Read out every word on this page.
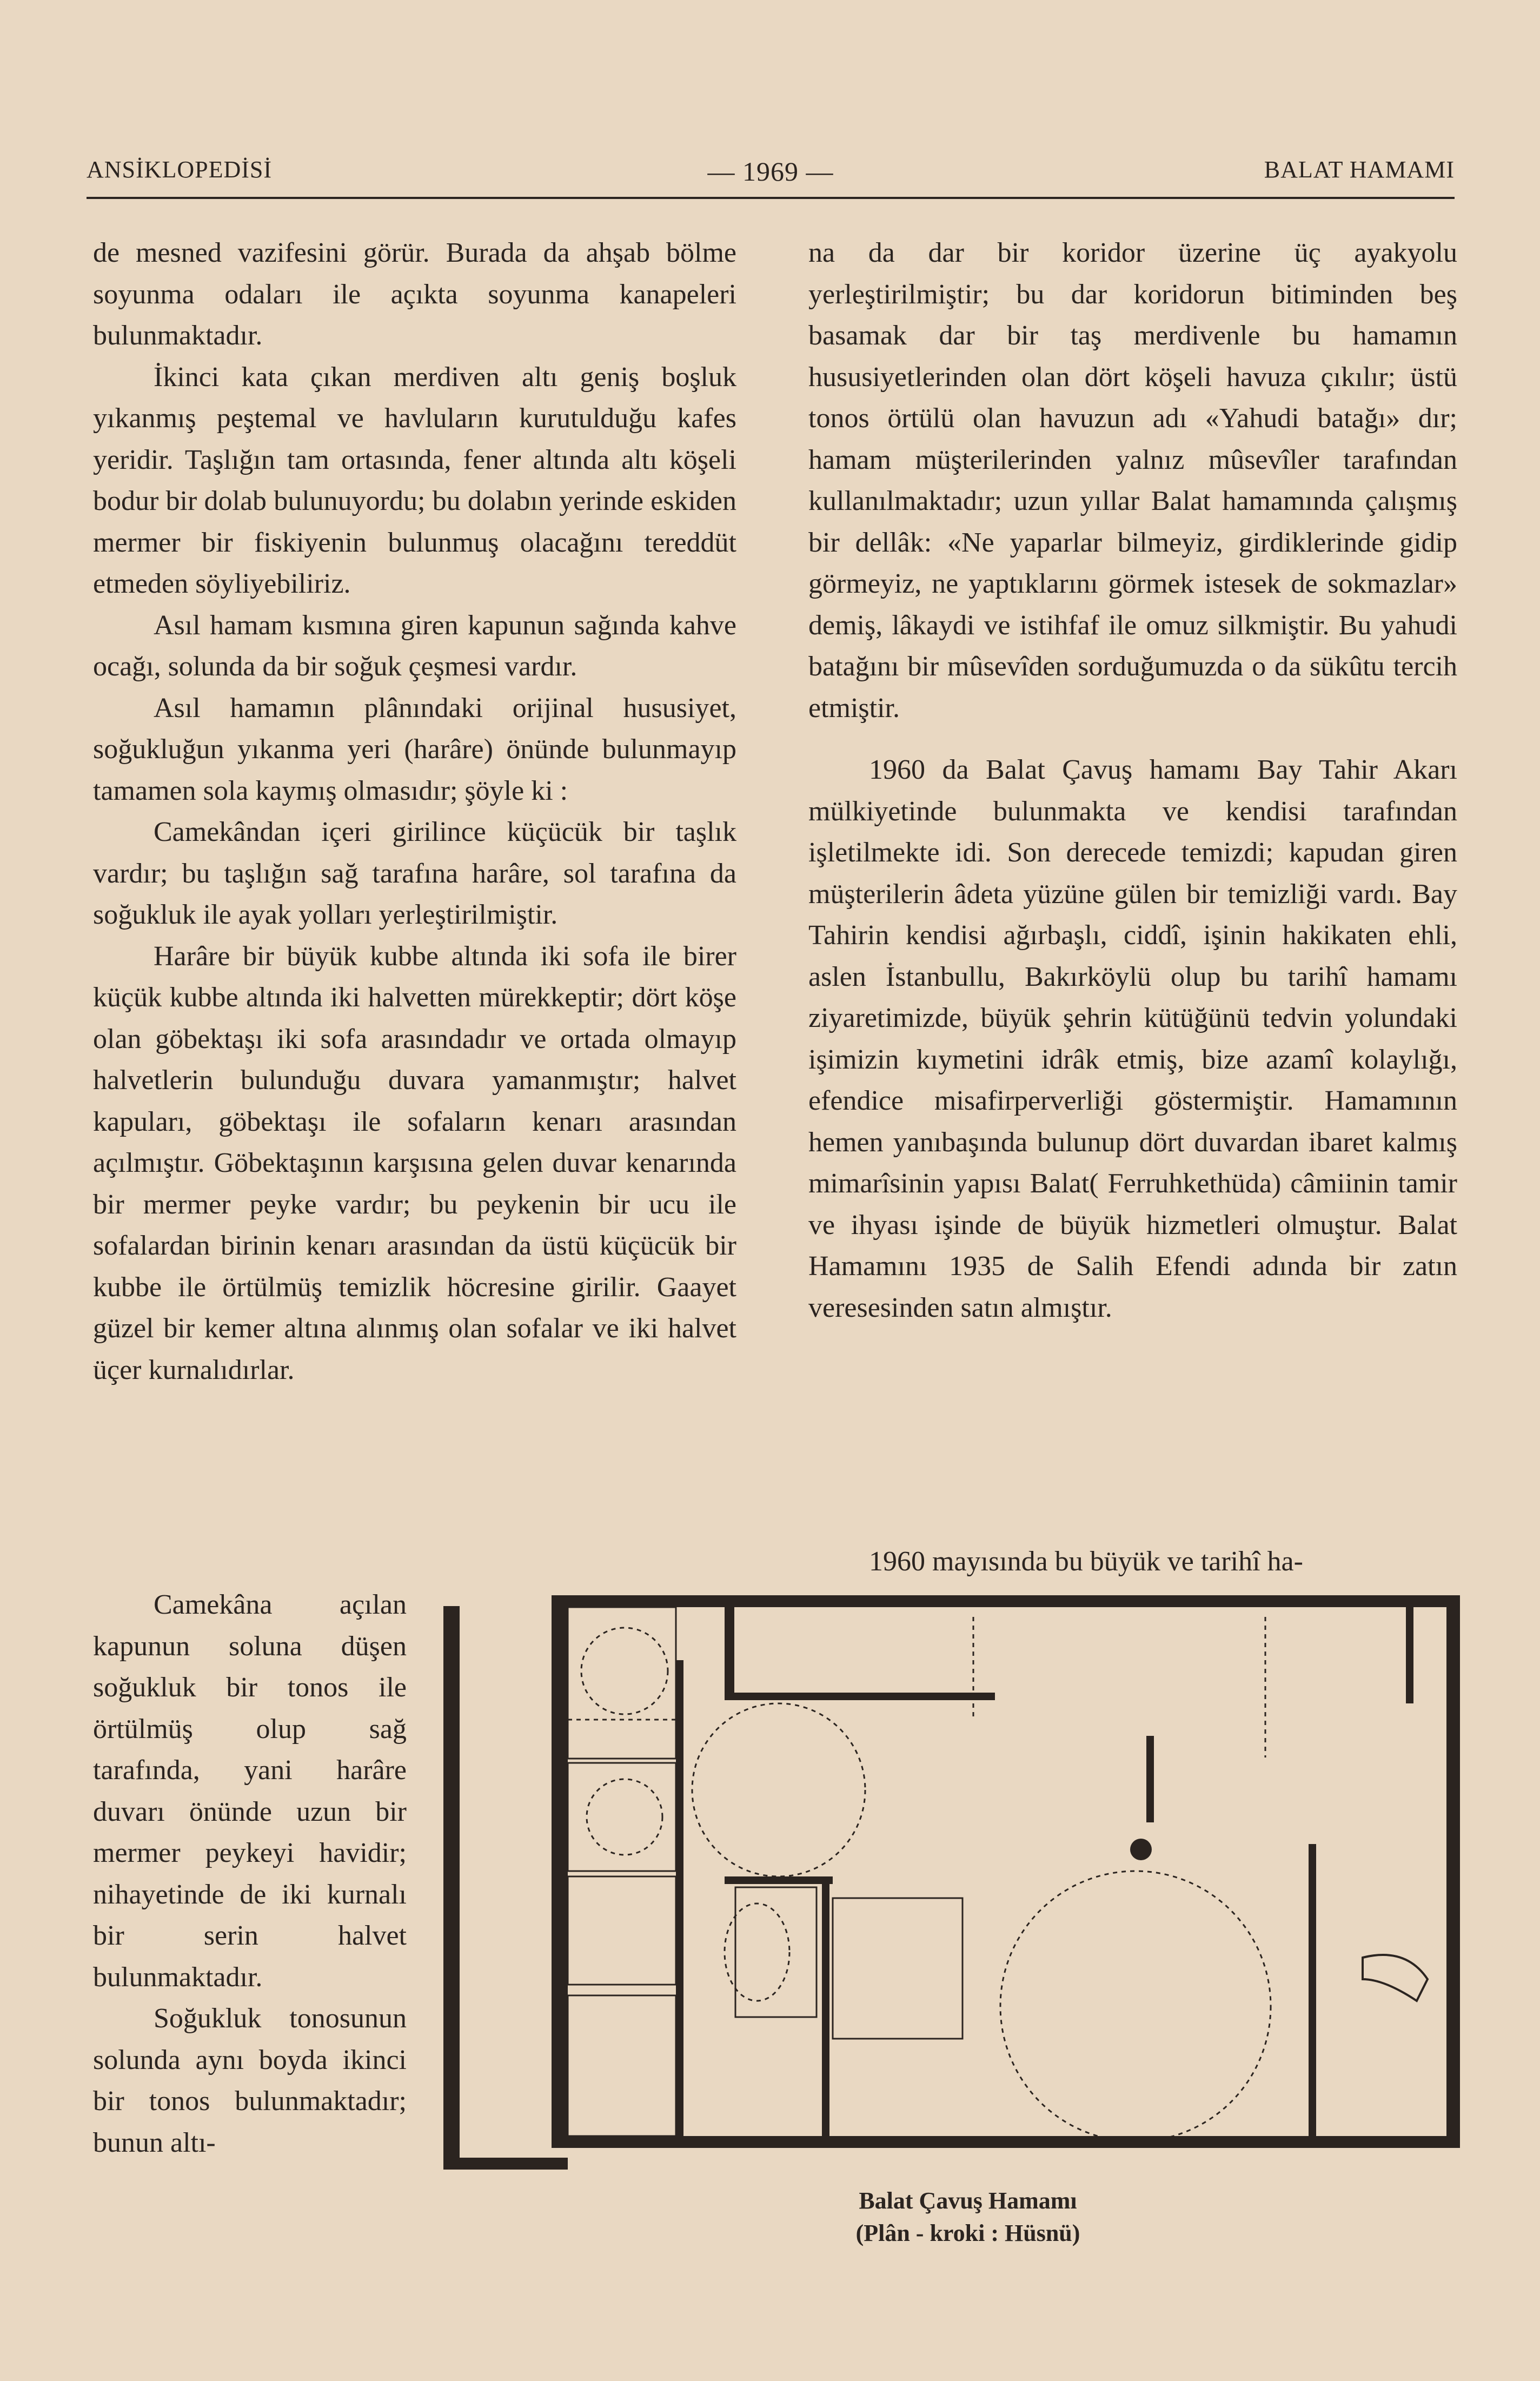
ANSİKLOPEDİSİ	— 1969 —	BALAT HAMAMI

de mesned vazifesini görür. Burada da ahşab bölme soyunma odaları ile açıkta soyunma kanapeleri bulunmaktadır.

İkinci kata çıkan merdiven altı geniş boşluk yıkanmış peştemal ve havluların kurutulduğu kafes yeridir. Taşlığın tam ortasında, fener altında altı köşeli bodur bir dolab bulunuyordu; bu dolabın yerinde eskiden mermer bir fiskiyenin bulunmuş olacağını tereddüt etmeden söyliyebiliriz.

Asıl hamam kısmına giren kapunun sağında kahve ocağı, solunda da bir soğuk çeşmesi vardır.

Asıl hamamın plânındaki orijinal hususiyet, soğukluğun yıkanma yeri (harâre) önünde bulunmayıp tamamen sola kaymış olmasıdır; şöyle ki :

Camekândan içeri girilince küçücük bir taşlık vardır; bu taşlığın sağ tarafına harâre, sol tarafına da soğukluk ile ayak yolları yerleştirilmiştir.

Harâre bir büyük kubbe altında iki sofa ile birer küçük kubbe altında iki halvetten mürekkeptir; dört köşe olan göbektaşı iki sofa arasındadır ve ortada olmayıp halvetlerin bulunduğu duvara yamanmıştır; halvet kapuları, göbektaşı ile sofaların kenarı arasından açılmıştır. Göbektaşının karşısına gelen duvar kenarında bir mermer peyke vardır; bu peykenin bir ucu ile sofalardan birinin kenarı arasından da üstü küçücük bir kubbe ile örtülmüş temizlik höcresine girilir. Gaayet güzel bir kemer altına alınmış olan sofalar ve iki halvet üçer kurnalıdırlar.

Camekâna açılan kapunun soluna düşen soğukluk bir tonos ile örtülmüş olup sağ tarafında, yani harâre duvarı önünde uzun bir mermer peykeyi havidir; nihayetinde de iki kurnalı bir serin halvet bulunmaktadır.

Soğukluk tonosunun solunda aynı boyda ikinci bir tonos bulunmaktadır; bunun altı-

na da dar bir koridor üzerine üç ayakyolu yerleştirilmiştir; bu dar koridorun bitiminden beş basamak dar bir taş merdivenle bu hamamın hususiyetlerinden olan dört köşeli havuza çıkılır; üstü tonos örtülü olan havuzun adı «Yahudi batağı» dır; hamam müşterilerinden yalnız mûsevîler tarafından kullanılmaktadır; uzun yıllar Balat hamamında çalışmış bir dellâk: «Ne yaparlar bilmeyiz, girdiklerinde gidip görmeyiz, ne yaptıklarını görmek istesek de sokmazlar» demiş, lâkaydi ve istihfaf ile omuz silkmiştir. Bu yahudi batağını bir mûsevîden sorduğumuzda o da sükûtu tercih etmiştir.

1960 da Balat Çavuş hamamı Bay Tahir Akarı mülkiyetinde bulunmakta ve kendisi tarafından işletilmekte idi. Son derecede temizdi; kapudan giren müşterilerin âdeta yüzüne gülen bir temizliği vardı. Bay Tahirin kendisi ağırbaşlı, ciddî, işinin hakikaten ehli, aslen İstanbullu, Bakırköylü olup bu tarihî hamamı ziyaretimizde, büyük şehrin kütüğünü tedvin yolundaki işimizin kıymetini idrâk etmiş, bize azamî kolaylığı, efendice misafirperverliği göstermiştir. Hamamının hemen yanıbaşında bulunup dört duvardan ibaret kalmış mimarîsinin yapısı Balat( Ferruhkethüda) câmiinin tamir ve ihyası işinde de büyük hizmetleri olmuştur. Balat Hamamını 1935 de Salih Efendi adında bir zatın veresesinden satın almıştır.

1960 mayısında bu büyük ve tarihî ha-

Balat Çavuş Hamamı
(Plân - kroki : Hüsnü)
